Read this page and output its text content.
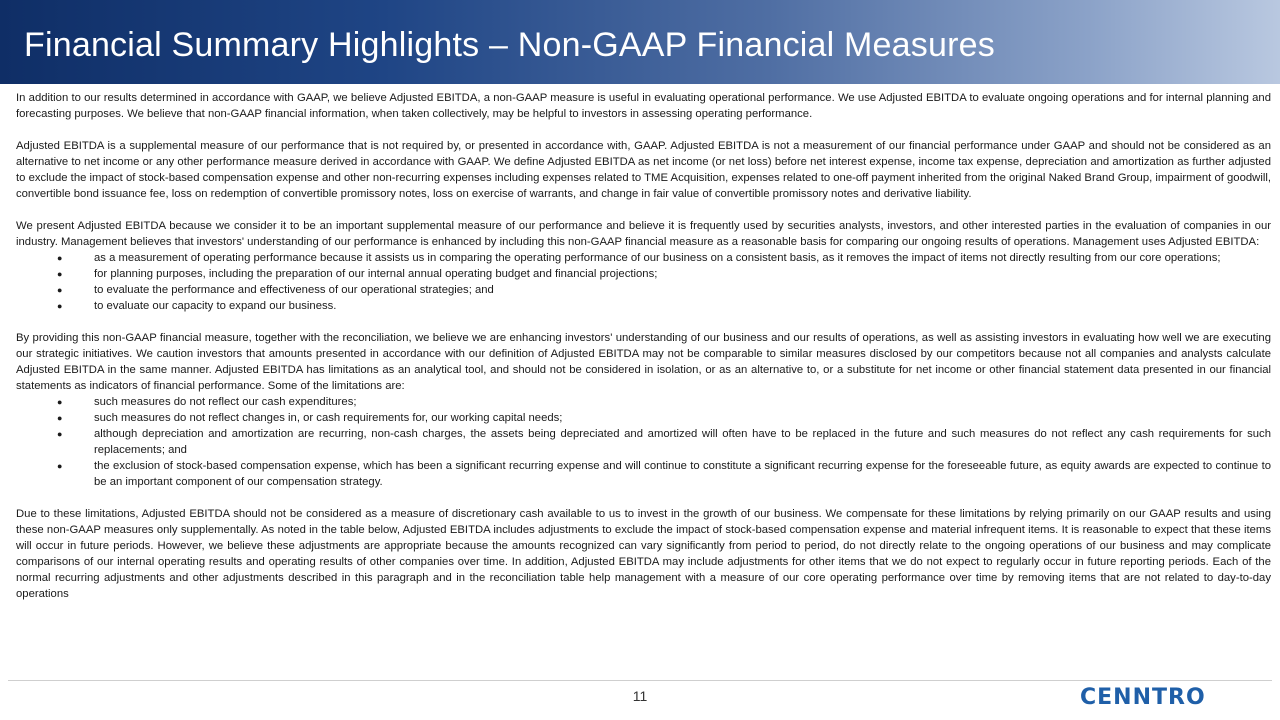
Financial Summary Highlights – Non-GAAP Financial Measures

In addition to our results determined in accordance with GAAP, we believe Adjusted EBITDA, a non-GAAP measure is useful in evaluating operational performance. We use Adjusted EBITDA to evaluate ongoing operations and for internal planning and forecasting purposes. We believe that non-GAAP financial information, when taken collectively, may be helpful to investors in assessing operating performance.

Adjusted EBITDA is a supplemental measure of our performance that is not required by, or presented in accordance with, GAAP. Adjusted EBITDA is not a measurement of our financial performance under GAAP and should not be considered as an alternative to net income or any other performance measure derived in accordance with GAAP. We define Adjusted EBITDA as net income (or net loss) before net interest expense, income tax expense, depreciation and amortization as further adjusted to exclude the impact of stock-based compensation expense and other non-recurring expenses including expenses related to TME Acquisition, expenses related to one-off payment inherited from the original Naked Brand Group, impairment of goodwill, convertible bond issuance fee, loss on redemption of convertible promissory notes, loss on exercise of warrants, and change in fair value of convertible promissory notes and derivative liability.

We present Adjusted EBITDA because we consider it to be an important supplemental measure of our performance and believe it is frequently used by securities analysts, investors, and other interested parties in the evaluation of companies in our industry. Management believes that investors' understanding of our performance is enhanced by including this non-GAAP financial measure as a reasonable basis for comparing our ongoing results of operations. Management uses Adjusted EBITDA:

●	as a measurement of operating performance because it assists us in comparing the operating performance of our business on a consistent basis, as it removes the impact of items not directly resulting from our core operations;
●	for planning purposes, including the preparation of our internal annual operating budget and financial projections;
●	to evaluate the performance and effectiveness of our operational strategies; and
●	to evaluate our capacity to expand our business.

By providing this non-GAAP financial measure, together with the reconciliation, we believe we are enhancing investors' understanding of our business and our results of operations, as well as assisting investors in evaluating how well we are executing our strategic initiatives. We caution investors that amounts presented in accordance with our definition of Adjusted EBITDA may not be comparable to similar measures disclosed by our competitors because not all companies and analysts calculate Adjusted EBITDA in the same manner. Adjusted EBITDA has limitations as an analytical tool, and should not be considered in isolation, or as an alternative to, or a substitute for net income or other financial statement data presented in our financial statements as indicators of financial performance. Some of the limitations are:

●	such measures do not reflect our cash expenditures;
●	such measures do not reflect changes in, or cash requirements for, our working capital needs;
●	although depreciation and amortization are recurring, non-cash charges, the assets being depreciated and amortized will often have to be replaced in the future and such measures do not reflect any cash requirements for such replacements; and
●	the exclusion of stock-based compensation expense, which has been a significant recurring expense and will continue to constitute a significant recurring expense for the foreseeable future, as equity awards are expected to continue to be an important component of our compensation strategy.

Due to these limitations, Adjusted EBITDA should not be considered as a measure of discretionary cash available to us to invest in the growth of our business. We compensate for these limitations by relying primarily on our GAAP results and using these non-GAAP measures only supplementally. As noted in the table below, Adjusted EBITDA includes adjustments to exclude the impact of stock-based compensation expense and material infrequent items. It is reasonable to expect that these items will occur in future periods. However, we believe these adjustments are appropriate because the amounts recognized can vary significantly from period to period, do not directly relate to the ongoing operations of our business and may complicate comparisons of our internal operating results and operating results of other companies over time. In addition, Adjusted EBITDA may include adjustments for other items that we do not expect to regularly occur in future reporting periods. Each of the normal recurring adjustments and other adjustments described in this paragraph and in the reconciliation table help management with a measure of our core operating performance over time by removing items that are not related to day-to-day operations

11	CENNTRO
